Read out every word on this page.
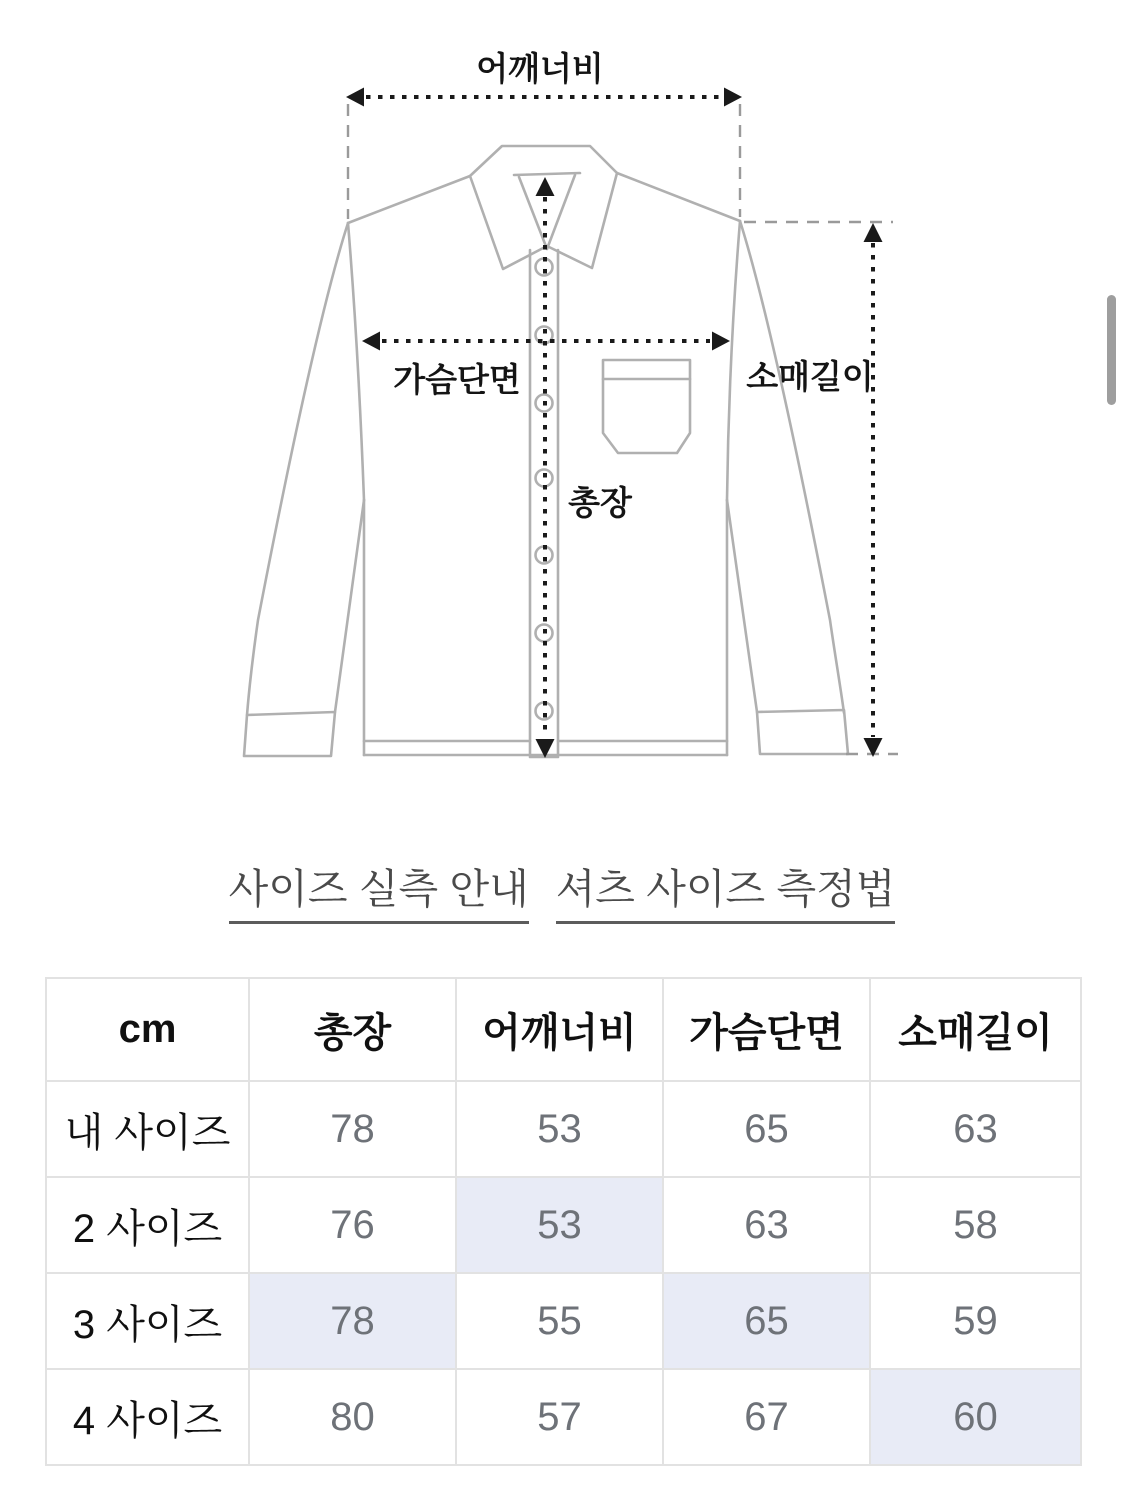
어깨너비
가슴단면	소매길이
총장
사이즈 실측 안내 셔츠 사이즈 측정법
cm	총장	어깨너비	가슴단면	소매길이
내 사이즈	78	53	65	63
2 사이즈	76	53	63	58
3 사이즈	78	55	65	59
4 사이즈	80	57	67	60
